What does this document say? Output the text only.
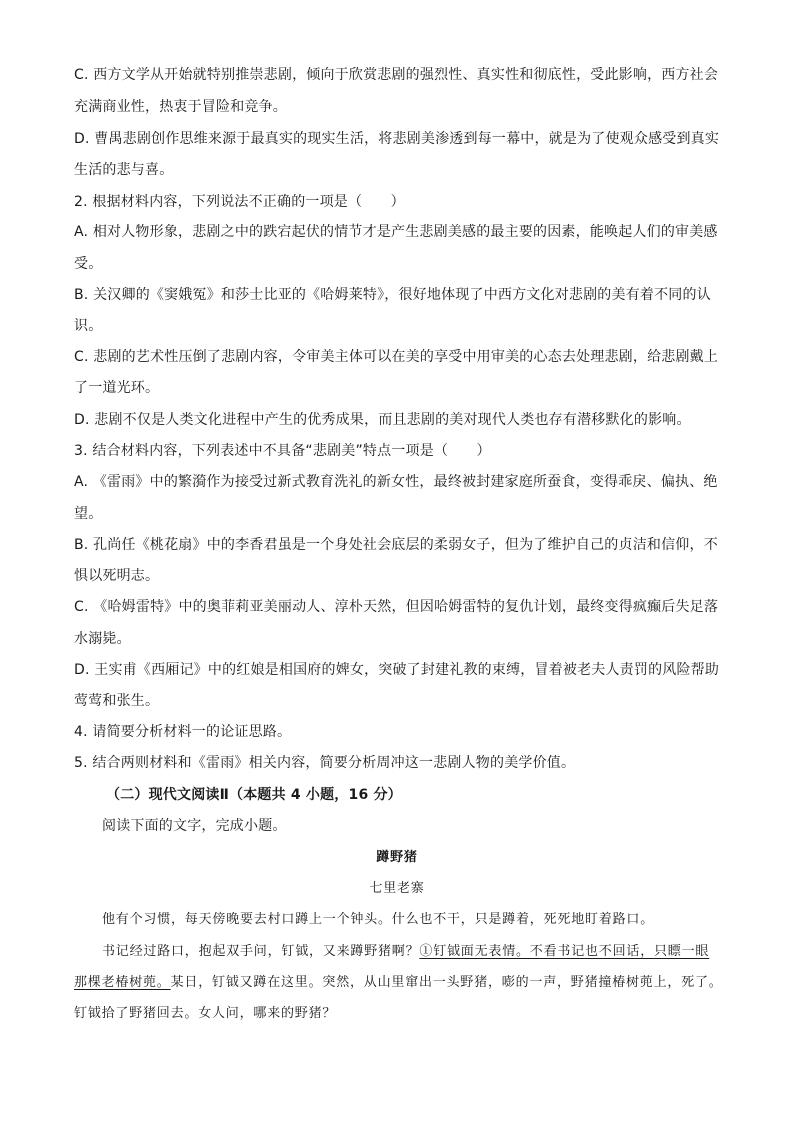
C. 西方文学从开始就特别推崇悲剧，倾向于欣赏悲剧的强烈性、真实性和彻底性，受此影响，西方社会
充满商业性，热衷于冒险和竞争。
D. 曹禺悲剧创作思维来源于最真实的现实生活，将悲剧美渗透到每一幕中，就是为了使观众感受到真实
生活的悲与喜。
2. 根据材料内容，下列说法不正确的一项是（　　）
A. 相对人物形象，悲剧之中的跌宕起伏的情节才是产生悲剧美感的最主要的因素，能唤起人们的审美感
受。
B. 关汉卿的《窦娥冤》和莎士比亚的《哈姆莱特》，很好地体现了中西方文化对悲剧的美有着不同的认
识。
C. 悲剧的艺术性压倒了悲剧内容，令审美主体可以在美的享受中用审美的心态去处理悲剧，给悲剧戴上
了一道光环。
D. 悲剧不仅是人类文化进程中产生的优秀成果，而且悲剧的美对现代人类也存有潜移默化的影响。
3. 结合材料内容，下列表述中不具备“悲剧美”特点一项是（　　）
A. 《雷雨》中的繁漪作为接受过新式教育洗礼的新女性，最终被封建家庭所蚕食，变得乖戾、偏执、绝
望。
B. 孔尚任《桃花扇》中的李香君虽是一个身处社会底层的柔弱女子，但为了维护自己的贞洁和信仰，不
惧以死明志。
C. 《哈姆雷特》中的奥菲莉亚美丽动人、淳朴天然，但因哈姆雷特的复仇计划，最终变得疯癫后失足落
水溺毙。
D. 王实甫《西厢记》中的红娘是相国府的婢女，突破了封建礼教的束缚，冒着被老夫人责罚的风险帮助
莺莺和张生。
4. 请简要分析材料一的论证思路。
5. 结合两则材料和《雷雨》相关内容，简要分析周冲这一悲剧人物的美学价值。
（二）现代文阅读Ⅱ（本题共 4 小题，16 分）
阅读下面的文字，完成小题。
蹲野猪
七里老寨
他有个习惯，每天傍晚要去村口蹲上一个钟头。什么也不干，只是蹲着，死死地盯着路口。
书记经过路口，抱起双手问，钉钺，又来蹲野猪啊？①钉钺面无表情。不看书记也不回话，只瞟一眼
那棵老椿树蔸。某日，钉钺又蹲在这里。突然，从山里窜出一头野猪，嘭的一声，野猪撞椿树蔸上，死了。
钉钺拾了野猪回去。女人问，哪来的野猪？
